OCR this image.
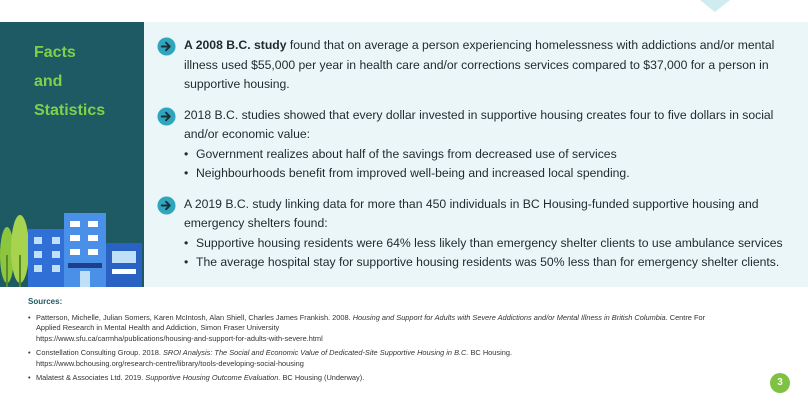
Facts
and
Statistics
A 2008 B.C. study found that on average a person experiencing homelessness with addictions and/or mental illness used $55,000 per year in health care and/or corrections services compared to $37,000 for a person in supportive housing.
2018 B.C. studies showed that every dollar invested in supportive housing creates four to five dollars in social and/or economic value:
• Government realizes about half of the savings from decreased use of services
• Neighbourhoods benefit from improved well-being and increased local spending.
A 2019 B.C. study linking data for more than 450 individuals in BC Housing-funded supportive housing and emergency shelters found:
• Supportive housing residents were 64% less likely than emergency shelter clients to use ambulance services
• The average hospital stay for supportive housing residents was 50% less than for emergency shelter clients.
Sources:
• Patterson, Michelle, Julian Somers, Karen McIntosh, Alan Shiell, Charles James Frankish. 2008. Housing and Support for Adults with Severe Addictions and/or Mental Illness in British Columbia. Centre For Applied Research in Mental Health and Addiction, Simon Fraser University
https://www.sfu.ca/carmha/publications/housing-and-support-for-adults-with-severe.html
• Constellation Consulting Group. 2018. SROI Analysis: The Social and Economic Value of Dedicated-Site Supportive Housing in B.C. BC Housing.
https://www.bchousing.org/research-centre/library/tools-developing-social-housing
• Malatest & Associates Ltd. 2019. Supportive Housing Outcome Evaluation. BC Housing (Underway).	3
